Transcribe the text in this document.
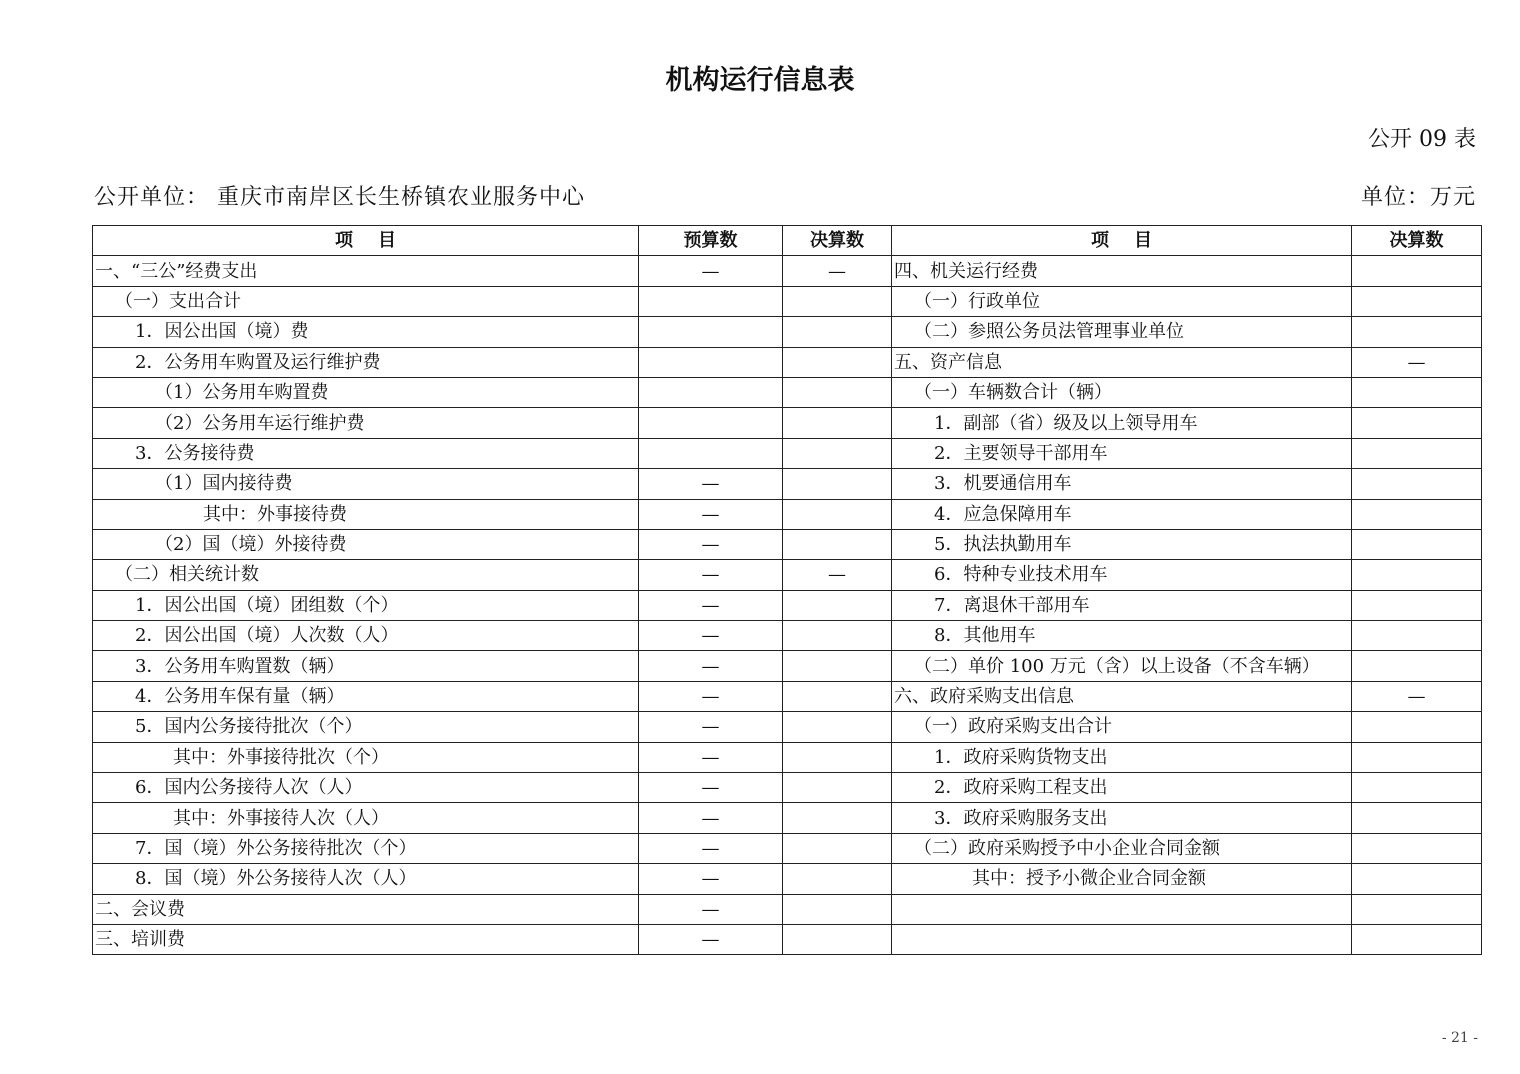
机构运行信息表
公开 09 表
公开单位： 重庆市南岸区长生桥镇农业服务中心	单位：万元
项    目	预算数	决算数	项    目	决算数
一、“三公”经费支出	—	—	四、机关运行经费	
（一）支出合计			（一）行政单位	
1．因公出国（境）费			（二）参照公务员法管理事业单位	
2．公务用车购置及运行维护费			五、资产信息	—
（1）公务用车购置费			（一）车辆数合计（辆）	
（2）公务用车运行维护费			1．副部（省）级及以上领导用车	
3．公务接待费			2．主要领导干部用车	
（1）国内接待费	—		3．机要通信用车	
其中：外事接待费	—		4．应急保障用车	
（2）国（境）外接待费	—		5．执法执勤用车	
（二）相关统计数	—	—	6．特种专业技术用车	
1．因公出国（境）团组数（个）	—		7．离退休干部用车	
2．因公出国（境）人次数（人）	—		8．其他用车	
3．公务用车购置数（辆）	—		（二）单价 100 万元（含）以上设备（不含车辆）	
4．公务用车保有量（辆）	—		六、政府采购支出信息	—
5．国内公务接待批次（个）	—		（一）政府采购支出合计	
其中：外事接待批次（个）	—		1．政府采购货物支出	
6．国内公务接待人次（人）	—		2．政府采购工程支出	
其中：外事接待人次（人）	—		3．政府采购服务支出	
7．国（境）外公务接待批次（个）	—		（二）政府采购授予中小企业合同金额	
8．国（境）外公务接待人次（人）	—		其中：授予小微企业合同金额	
二、会议费	—			
三、培训费	—			
- 21 -
